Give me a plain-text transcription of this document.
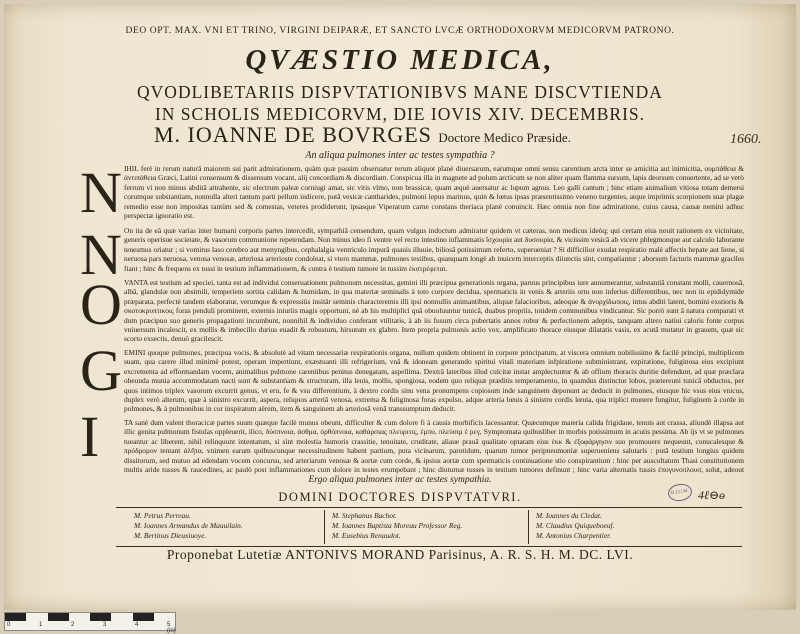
DEO OPT. MAX. VNI ET TRINO, VIRGINI DEIPARÆ, ET SANCTO LVCÆ ORTHODOXORVM MEDICORVM PATRONO.
QVÆSTIO MEDICA,
QVODLIBETARIIS DISPVTATIONIBVS MANE DISCVTIENDA
IN SCHOLIS MEDICORVM, DIE IOVIS XIV. DECEMBRIS.
M. IOANNE DE BOVRGES Doctore Medico Præside.	1660.
An aliqua pulmones inter ac testes sympathia ?
N IHIL ferè in rerum naturâ maiorem sui parit admirationem, quàm quæ passim obseruatur rerum aliquot planè diuersarum, earumque omni sensu carentium arcta inter se amicitia aut inimicitia, ουμπάθεια & ἀντιπάθεια Græci, Latini consensum & dissensum vocant, alij concordiam & discordiam. Conspicua illa in magnete ad polum arcticum se non aliter quam flamma sursum, lapis deorsum conuertente, ad se verò ferrum vi non minus abditâ attrahente, sic electrum paleæ corniugi amat, sic vitis vlmo, non brassicæ, quam æquè auersatur ac lupum agnus. Leo galli cantum ; hinc etiam animalium vitiosa totam demersi corumque substantiam, nonnulla alteri tantum parti pellum indicere, putâ vesicæ cantharides, pulmoni lepus marinus, quin & lœtus ipsas præsentissimo veneno turgentes, atque imprimis scorpionem suæ plagæ remedio esse non impositas tantùm sed & comestas, veteres prodiderunt, ipsasque Viperarum carne constans theriaca planè conuincit. Hæc omnia non fine admiratione, cuius causa, causæ nemini adhuc perspectæ ignoratio est.
N On ita de eâ quæ varias inter humani corporis partes intercedit, sympathiâ censendum, quam vulgus indoctum admiratur quidem vt cæteras, non medicus ideòq; qui certam eius nouit rationem ex vicinitate, generis operisue societate, & vasorum communione repetendam. Non minus ideo fi ventre vel recto intestino inflammatis ἴσχουρία aut δυσουρία, & vicissim vesicâ ab vicere phlegmonque aut calculo laborante tenesmus oriatur ; si vomitus laso cerebro aut menyngibus, cephalalgia ventriculo impurâ quauis illuuie, biliosâ potissimum referto, superueniat ? Si difficilior exudat respiratio malè affectis hepate aut liene, si neruosa pars neruosa, venosa venosæ, arteriosa arterioste condoleat, si vtero mammæ, pulmones testibus, quanquam longè ab inuicem interceptis diiunctis sint, compatiantur ; aborsum facturis mammæ graciles fiant ; hinc & frequens ex tussi in testium inflammationem, & contra è testium tumore in tussim ἐκστρέφεται.
O VANTA est testium ad speciei, tanta est ad individui conseruationem pulmonum necessitas, gemini illi præcipua generationis organa, paruus principibus iure annumerantur, substantiâ constant molli, cauernosâ, albâ, glandulæ non absimili, temperiem sortita calidam & humidam, in qua materiæ seminalis à toto corpore decidua, spermaticis in venis & arteriis ortu non inferius differentibus, nec non in epididymide præparata, perfectè tandem elaboratur, verumque & expressiùs insitâr seminis characteremis illi ipsi nonnullis animantibus, aliquæ falacioribus, adeoque & ἀνορχίδωποις, intus abditi latent, homini exstioris & σκοτοκρυπτικοις foras penduli prominent, externis iniuriis magis opportuni, nè ab his multiplici quâ obuoluuntur tunicâ, duabus propriis, totidem communibus vindicantur. Sic porrò sunt â natura comparati vt dum præcipuo suo generis propagationi incumbunt, nonnihil & individuo conferant vtilitatis, à ab iis fusum circa pubertatis annos robur & perfectionem adeptis, tanquam altero natiui caloris fonte corpus vniuersum incalescit, ex mollis & imbecillo durius euadit & robustum, hirsutum ex glabro. Item propria pulmonis actio vox, amplificato thorace eiusque dilatatis vasis, ex acutâ mutatur in grauem, quæ sic scorto exsectis, denuò gracilescit.
G EMINI quoque pulmones, præcipua vocis, & absolutè ad vitam necessariæ respirationis organa, nullum quidem obtinent in corpore principatum, at viscera omnium nobilissimo & facilè principi, multiplicem suam, qua carere illud minimè potest, operam impertiunt, exæstuanti illi refrigerium, vnâ & idoneam generando spiritui vitali materiam infpiratione subministrant, expiratione, fuliginosa eius excipiunt excrementa ad efformandam vocem, animalibus pulmone carentibus penitus denegatam, aspellima. Dextrâ lateribus illud culcitæ instar amplectuntur & ab offium thoracis duritie defendunt, ad quæ præclara obeunda munia accommodatam nacti sunt & substantiam & structuram, illa leuis, mollis, spongiosa, eodem quo reliquæ præditis temperamento, in quamdus distinctur lobos, prætereuni tunicâ obductos, per quos intimos triplex vasorum excurrit genus, vt eru, fe & vsu differentium, à dextro cordis sinu vena pronumpens copiosum inde sanguinem deponunt ac deducit in pulmones, eiusque hic vsus eius vnicus, duplex verò alterum, quæ à sinistro excurrit, aspera, reliquos arteriâ venosa, extrema & fuliginosa foras expulso, adque arteria lœuis à sinistro cordis lœuia, qua triplici munere fungitur, fuliginem à corde in pulmones, & à pulmonibus in cor inspiratum aërem, item & sanguinem ab arteriosâ venâ transsumptum deducit.
I	TA sanè dum valent thoracicæ partes suum quæque facilè munus obeunt, difficulter & cum dolore fi à causis morbificis lacessantur. Quæcumque materia calida frigidaue, tenuis aut crassa, aliundè illapsa aut illic genita pulmonum fistulas oppleuerit, ilico, δύσπνοια, ἀσθμα, ὀρθόπνοια, καθάρσιας πλευριτις, ἐμπυ, πλεύσιμ ἑ ρεγ, Symptomata quibusliber in morbis potissimum in acutis pessima. Ab ijs vt se pulmones tueantur ac liberent, nihil relinquunt intentatum, si sint molestia humoris crassitie, tenuitate, cruditate, aliaue prauâ qualitate optatam eius ἐκκ & ἐξοφάργησιν suo promouere nequeunt, conucalesque & πρόδρομον tentant ἀλῆτα, vnimen earum quibuscunque necessitudinem habent partium, puta vicinarum, parotidum, quarum tumor peripneumoniæ superueniens salutaris : putâ testium longius quidem dissitorum, sed mutuo ad edendam vocem concursu, sed arteriarum venosæ & aortæ cum corde, & ipsius aortæ cum spermaticis continuatione stio conspirantium : hinc per auscultatum Thasi constitutionem multis aride tusses & raucedines, ac paulò post inflammationes cum dolore in testes erumpebant ; hinc diuturnæ tusses in testium tumores definunt ; hinc varia alternatis tussis ἐπογυνοπλουσ, solut, adeout
Ergo aliqua pulmones inter ac testes sympathia.
DOMINI DOCTORES DISPVTATVRI.	B.I.U.M. 4ℓ⊖ө
M. Petrus Perreau.
M. Ioannes Armandus de Mauuilain.
M. Bertinus Dieuxiuoye.
M. Stephanus Bachot.
M. Ioannes Baptista Moreau Professor Reg.
M. Eusebius Renaudot.
M. Ioannes du Cledat.
M. Claudius Quiqueboeuf.
M. Antonius Charpentier.
Proponebat Lutetiæ ANTONIVS MORAND Parisinus, A. R. S. H. M. DC. LVI.
0	1	2	3	4	5 (in)
